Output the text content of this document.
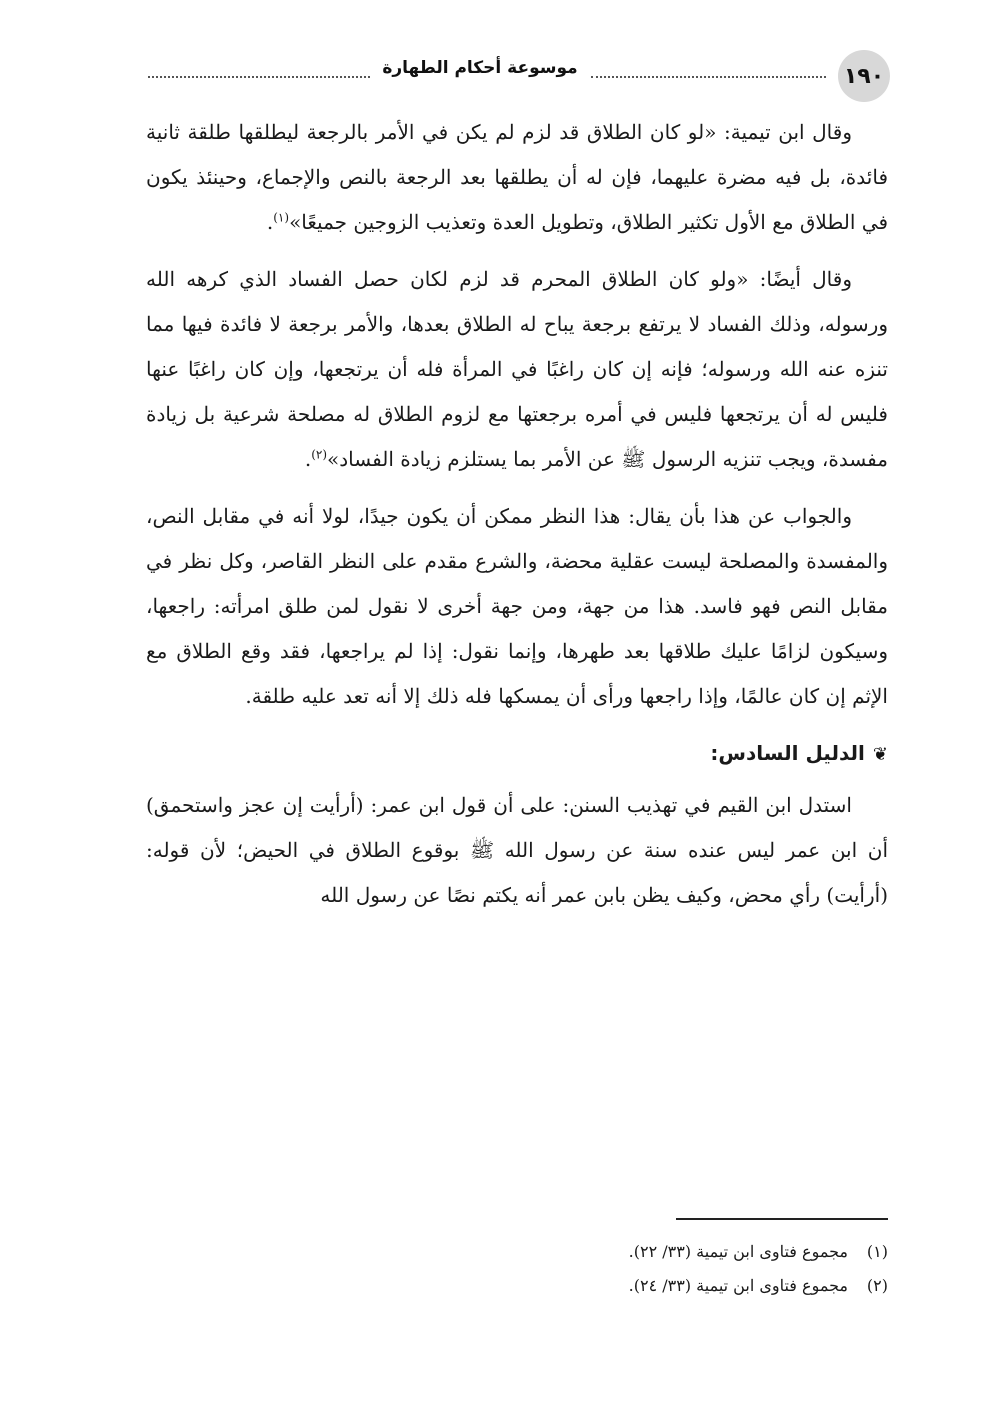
١٩٠
موسوعة أحكام الطهارة

وقال ابن تيمية: «لو كان الطلاق قد لزم لم يكن في الأمر بالرجعة ليطلقها طلقة ثانية فائدة، بل فيه مضرة عليهما، فإن له أن يطلقها بعد الرجعة بالنص والإجماع، وحينئذ يكون في الطلاق مع الأول تكثير الطلاق، وتطويل العدة وتعذيب الزوجين جميعًا»$^{(١)}$.

وقال أيضًا: «ولو كان الطلاق المحرم قد لزم لكان حصل الفساد الذي كرهه الله ورسوله، وذلك الفساد لا يرتفع برجعة يباح له الطلاق بعدها، والأمر برجعة لا فائدة فيها مما تنزه عنه الله ورسوله؛ فإنه إن كان راغبًا في المرأة فله أن يرتجعها، وإن كان راغبًا عنها فليس له أن يرتجعها فليس في أمره برجعتها مع لزوم الطلاق له مصلحة شرعية بل زيادة مفسدة، ويجب تنزيه الرسول ﷺ عن الأمر بما يستلزم زيادة الفساد»$^{(٢)}$.

والجواب عن هذا بأن يقال: هذا النظر ممكن أن يكون جيدًا، لولا أنه في مقابل النص، والمفسدة والمصلحة ليست عقلية محضة، والشرع مقدم على النظر القاصر، وكل نظر في مقابل النص فهو فاسد. هذا من جهة، ومن جهة أخرى لا نقول لمن طلق امرأته: راجعها، وسيكون لزامًا عليك طلاقها بعد طهرها، وإنما نقول: إذا لم يراجعها، فقد وقع الطلاق مع الإثم إن كان عالمًا، وإذا راجعها ورأى أن يمسكها فله ذلك إلا أنه تعد عليه طلقة.

❦الدليل السادس:

استدل ابن القيم في تهذيب السنن: على أن قول ابن عمر: (أرأيت إن عجز واستحمق) أن ابن عمر ليس عنده سنة عن رسول الله ﷺ بوقوع الطلاق في الحيض؛ لأن قوله: (أرأيت) رأي محض، وكيف يظن بابن عمر أنه يكتم نصًا عن رسول الله

(١)مجموع فتاوى ابن تيمية (٣٣/ ٢٢).

(٢)مجموع فتاوى ابن تيمية (٣٣/ ٢٤).
